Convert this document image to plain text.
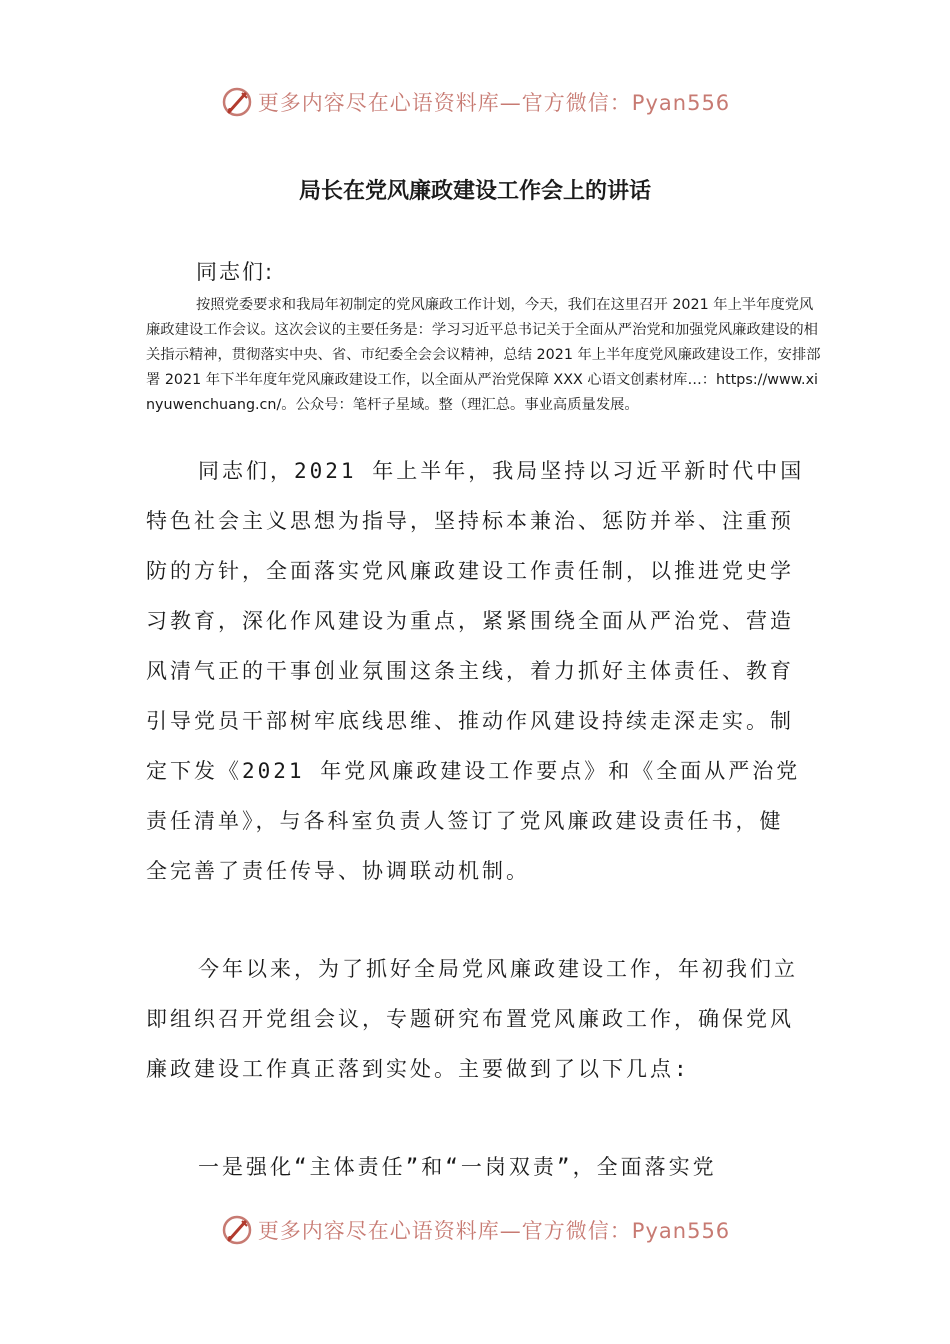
更多内容尽在心语资料库—官方微信：Pyan556
局长在党风廉政建设工作会上的讲话
同志们:
按照党委要求和我局年初制定的党风廉政工作计划，今天，我们在这里召开 2021 年上半年度党风廉政建设工作会议。这次会议的主要任务是：学习习近平总书记关于全面从严治党和加强党风廉政建设的相关指示精神，贯彻落实中央、省、市纪委全会会议精神，总结 2021 年上半年度党风廉政建设工作，安排部署 2021 年下半年度年党风廉政建设工作，以全面从严治党保障 XXX 心语文创素材库…：https://www.xinyuwenchuang.cn/。公众号：笔杆子星域。整（理汇总。事业高质量发展。
同志们，2021 年上半年，我局坚持以习近平新时代中国特色社会主义思想为指导，坚持标本兼治、惩防并举、注重预防的方针，全面落实党风廉政建设工作责任制，以推进党史学习教育，深化作风建设为重点，紧紧围绕全面从严治党、营造风清气正的干事创业氛围这条主线，着力抓好主体责任、教育引导党员干部树牢底线思维、推动作风建设持续走深走实。制定下发《2021 年党风廉政建设工作要点》和《全面从严治党责任清单》，与各科室负责人签订了党风廉政建设责任书，健全完善了责任传导、协调联动机制。
今年以来，为了抓好全局党风廉政建设工作，年初我们立即组织召开党组会议，专题研究布置党风廉政工作，确保党风廉政建设工作真正落到实处。主要做到了以下几点:
一是强化“主体责任”和“一岗双责”，全面落实党
更多内容尽在心语资料库—官方微信：Pyan556
